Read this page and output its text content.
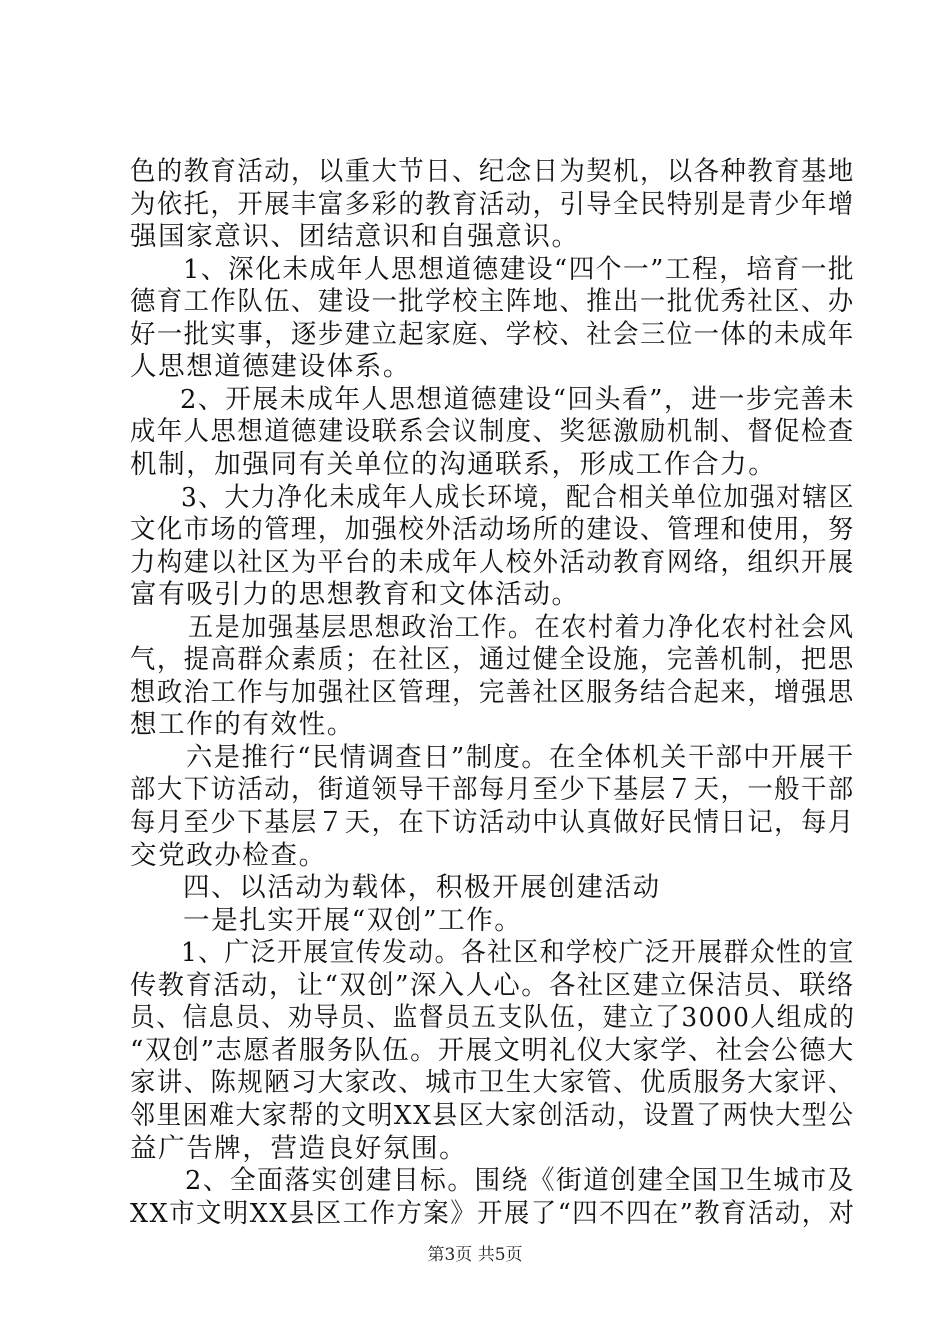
色的教育活动，以重大节日、纪念日为契机，以各种教育基地
为依托，开展丰富多彩的教育活动，引导全民特别是青少年增
强国家意识、团结意识和自强意识。
1、深化未成年人思想道德建设“四个一”工程，培育一批
德育工作队伍、建设一批学校主阵地、推出一批优秀社区、办
好一批实事，逐步建立起家庭、学校、社会三位一体的未成年
人思想道德建设体系。
2、开展未成年人思想道德建设“回头看”，进一步完善未
成年人思想道德建设联系会议制度、奖惩激励机制、督促检查
机制，加强同有关单位的沟通联系，形成工作合力。
3、大力净化未成年人成长环境，配合相关单位加强对辖区
文化市场的管理，加强校外活动场所的建设、管理和使用，努
力构建以社区为平台的未成年人校外活动教育网络，组织开展
富有吸引力的思想教育和文体活动。
五是加强基层思想政治工作。在农村着力净化农村社会风
气，提高群众素质；在社区，通过健全设施，完善机制，把思
想政治工作与加强社区管理，完善社区服务结合起来，增强思
想工作的有效性。
六是推行“民情调查日”制度。在全体机关干部中开展干
部大下访活动，街道领导干部每月至少下基层７天，一般干部
每月至少下基层７天，在下访活动中认真做好民情日记，每月
交党政办检查。
四、以活动为载体，积极开展创建活动
一是扎实开展“双创”工作。
1、广泛开展宣传发动。各社区和学校广泛开展群众性的宣
传教育活动，让“双创”深入人心。各社区建立保洁员、联络
员、信息员、劝导员、监督员五支队伍，建立了3000人组成的
“双创”志愿者服务队伍。开展文明礼仪大家学、社会公德大
家讲、陈规陋习大家改、城市卫生大家管、优质服务大家评、
邻里困难大家帮的文明XX县区大家创活动，设置了两快大型公
益广告牌，营造良好氛围。
2、全面落实创建目标。围绕《街道创建全国卫生城市及
XX市文明XX县区工作方案》开展了“四不四在”教育活动，对
第3页 共5页
